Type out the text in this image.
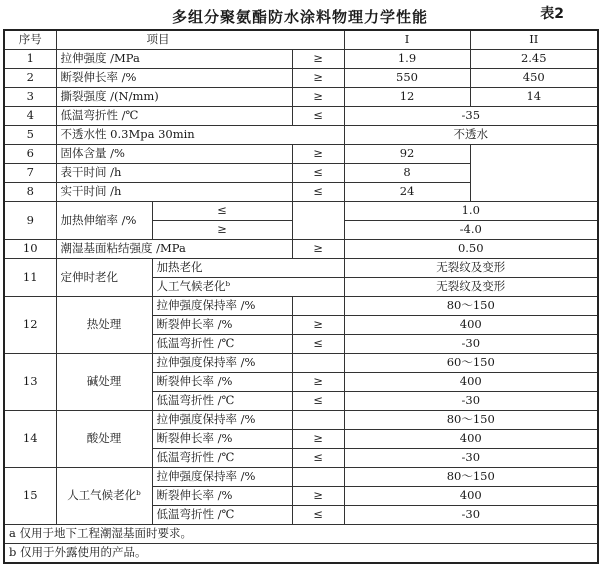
多组分聚氨酯防水涂料物理力学性能	表2
序号	项目			I	II
1	拉伸强度 /MPa		≥	1.9	2.45
2	断裂伸长率 /%		≥	550	450
3	撕裂强度 /(N/mm)		≥	12	14
4	低温弯折性 /℃		≤	-35	
5	不透水性 0.3Mpa 30min			不透水	
6	固体含量 /%		≥	92	
7	表干时间 /h		≤	8	
8	实干时间 /h		≤	24	
9	加热伸缩率 /%	≤		1.0	
		≥		-4.0	
10	潮湿基面粘结强度 /MPa		≥	0.50	
11	定伸时老化	加热老化		无裂纹及变形	
		人工气候老化ᵇ		无裂纹及变形	
12	热处理	拉伸强度保持率 /%		80～150	
		断裂伸长率 /%	≥	400	
		低温弯折性 /℃	≤	-30	
13	碱处理	拉伸强度保持率 /%		60～150	
		断裂伸长率 /%	≥	400	
		低温弯折性 /℃	≤	-30	
14	酸处理	拉伸强度保持率 /%		80～150	
		断裂伸长率 /%	≥	400	
		低温弯折性 /℃	≤	-30	
15	人工气候老化ᵇ	拉伸强度保持率 /%		80～150	
		断裂伸长率 /%	≥	400	
		低温弯折性 /℃	≤	-30	
a 仅用于地下工程潮湿基面时要求。					
b 仅用于外露使用的产品。					
